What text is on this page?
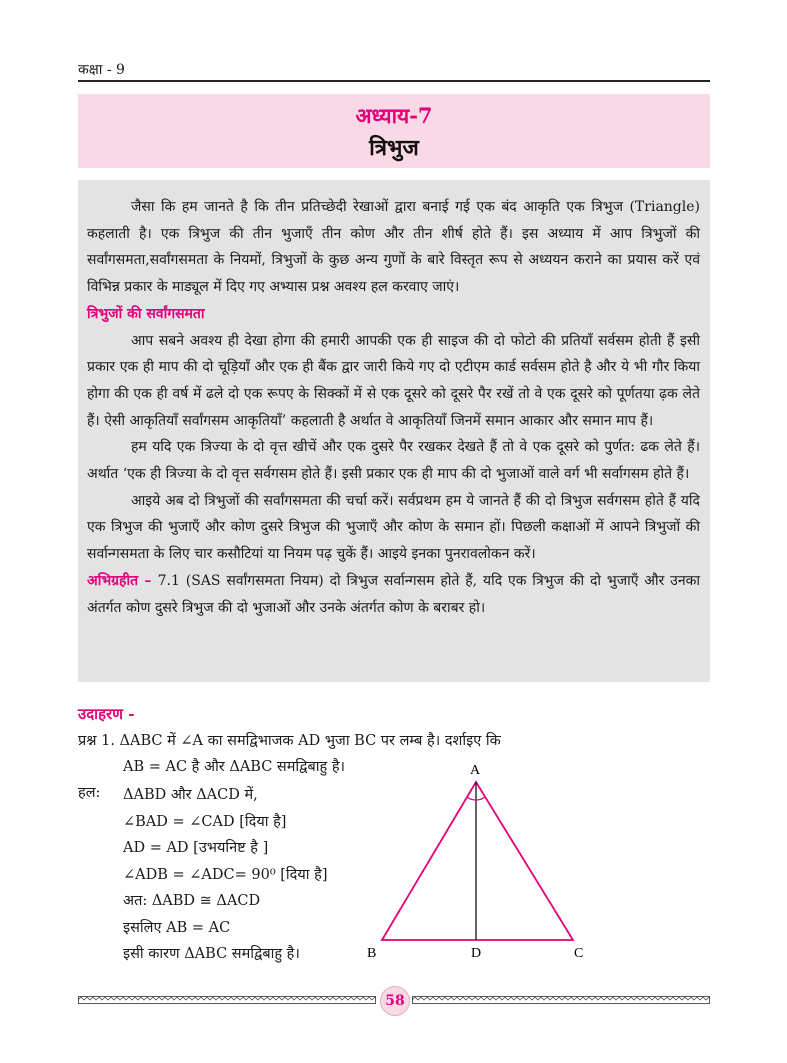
कक्षा - 9
अध्याय-7
त्रिभुज

जैसा कि हम जानते है कि तीन प्रतिच्छेदी रेखाओं द्वारा बनाई गई एक बंद आकृति एक त्रिभुज (Triangle) कहलाती है। एक त्रिभुज की तीन भुजाएँ तीन कोण और तीन शीर्ष होते हैं। इस अध्याय में आप त्रिभुजों की सर्वांगसमता,सर्वांगसमता के नियमों, त्रिभुजों के कुछ अन्य गुणों के बारे विस्तृत रूप से अध्ययन कराने का प्रयास करें एवं विभिन्न प्रकार के माड्यूल में दिए गए अभ्यास प्रश्न अवश्य हल करवाए जाएं।

त्रिभुजों की सर्वांगसमता

आप सबने अवश्य ही देखा होगा की हमारी आपकी एक ही साइज की दो फोटो की प्रतियाँ सर्वसम होती हैं इसी प्रकार एक ही माप की दो चूड़ियाँ और एक ही बैंक द्वार जारी किये गए दो एटीएम कार्ड सर्वसम होते है और ये भी गौर किया होगा की एक ही वर्ष में ढले दो एक रूपए के सिक्कों में से एक दूसरे को दूसरे पैर रखें तो वे एक दूसरे को पूर्णतया ढ़क लेते हैं। ऐसी आकृतियाँ सर्वांगसम आकृतियाँ’ कहलाती है अर्थात वे आकृतियाँ जिनमें समान आकार और समान माप हैं।

हम यदि एक त्रिज्या के दो वृत्त खीचें और एक दुसरे पैर रखकर देखते हैं तो वे एक दूसरे को पुर्णत: ढक लेते हैं। अर्थात ‘एक ही त्रिज्या के दो वृत्त सर्वगसम होते हैं। इसी प्रकार एक ही माप की दो भुजाओं वाले वर्ग भी सर्वागसम होते हैं।

आइये अब दो त्रिभुजों की सर्वांगसमता की चर्चा करें। सर्वप्रथम हम ये जानते हैं की दो त्रिभुज सर्वगसम होते हैं यदि एक त्रिभुज की भुजाएँ और कोण दुसरे त्रिभुज की भुजाएँ और कोण के समान हों। पिछली कक्षाओं में आपने त्रिभुजों की सर्वान्गसमता के लिए चार कसौटियां या नियम पढ़ चुकें हैं। आइये इनका पुनरावलोकन करें।

अभिग्रहीत – 7.1 (SAS सर्वांगसमता नियम) दो त्रिभुज सर्वान्गसम होते हैं, यदि एक त्रिभुज की दो भुजाएँ और उनका अंतर्गत कोण दुसरे त्रिभुज की दो भुजाओं और उनके अंतर्गत कोण के बराबर हो।

उदाहरण -
प्रश्न 1. ΔABC में ∠A का समद्विभाजक AD भुजा BC पर लम्ब है। दर्शाइए कि
AB = AC है और ΔABC समद्विबाहु है।
हल: ΔABD और ΔACD में,
∠BAD = ∠CAD [दिया है]
AD = AD [उभयनिष्ट है ]
∠ADB = ∠ADC= 90⁰ [दिया है]
अत: ΔABD ≅ ΔACD
इसलिए AB = AC
इसी कारण ΔABC समद्विबाहु है।
A
B	C
D
58
